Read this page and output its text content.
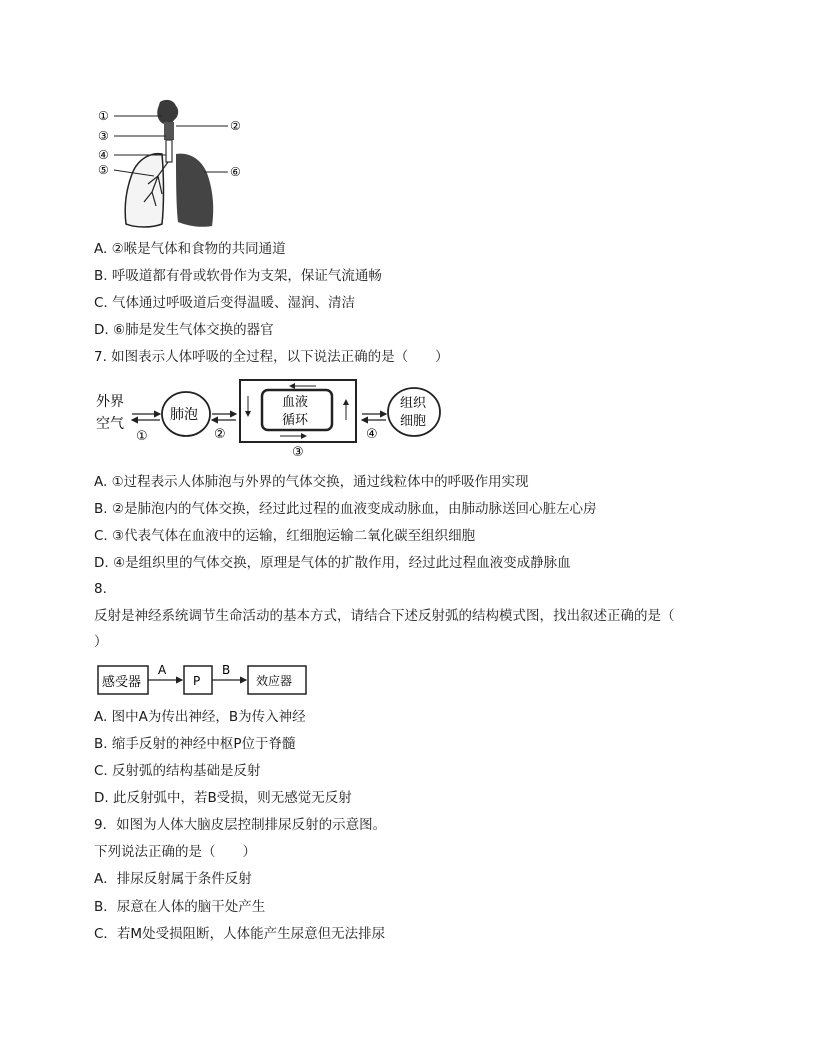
①
②
③
④
⑤	⑥
A. ②喉是气体和食物的共同通道
B. 呼吸道都有骨或软骨作为支架，保证气流通畅
C. 气体通过呼吸道后变得温暖、湿润、清洁
D. ⑥肺是发生气体交换的器官
7. 如图表示人体呼吸的全过程，以下说法正确的是（　　）
外界
空气
①
肺泡
②
血液
循环
③
④
组织
细胞
A. ①过程表示人体肺泡与外界的气体交换，通过线粒体中的呼吸作用实现
B. ②是肺泡内的气体交换，经过此过程的血液变成动脉血，由肺动脉送回心脏左心房
C. ③代表气体在血液中的运输，红细胞运输二氧化碳至组织细胞
D. ④是组织里的气体交换，原理是气体的扩散作用，经过此过程血液变成静脉血
8.
反射是神经系统调节生命活动的基本方式，请结合下述反射弧的结构模式图，找出叙述正确的是（
）
感受器
A
P
B
效应器
A. 图中A为传出神经，B为传入神经
B. 缩手反射的神经中枢P位于脊髓
C. 反射弧的结构基础是反射
D. 此反射弧中，若B受损，则无感觉无反射
9．如图为人体大脑皮层控制排尿反射的示意图。
下列说法正确的是（　　）
A．排尿反射属于条件反射
B．尿意在人体的脑干处产生
C．若M处受损阻断，人体能产生尿意但无法排尿
